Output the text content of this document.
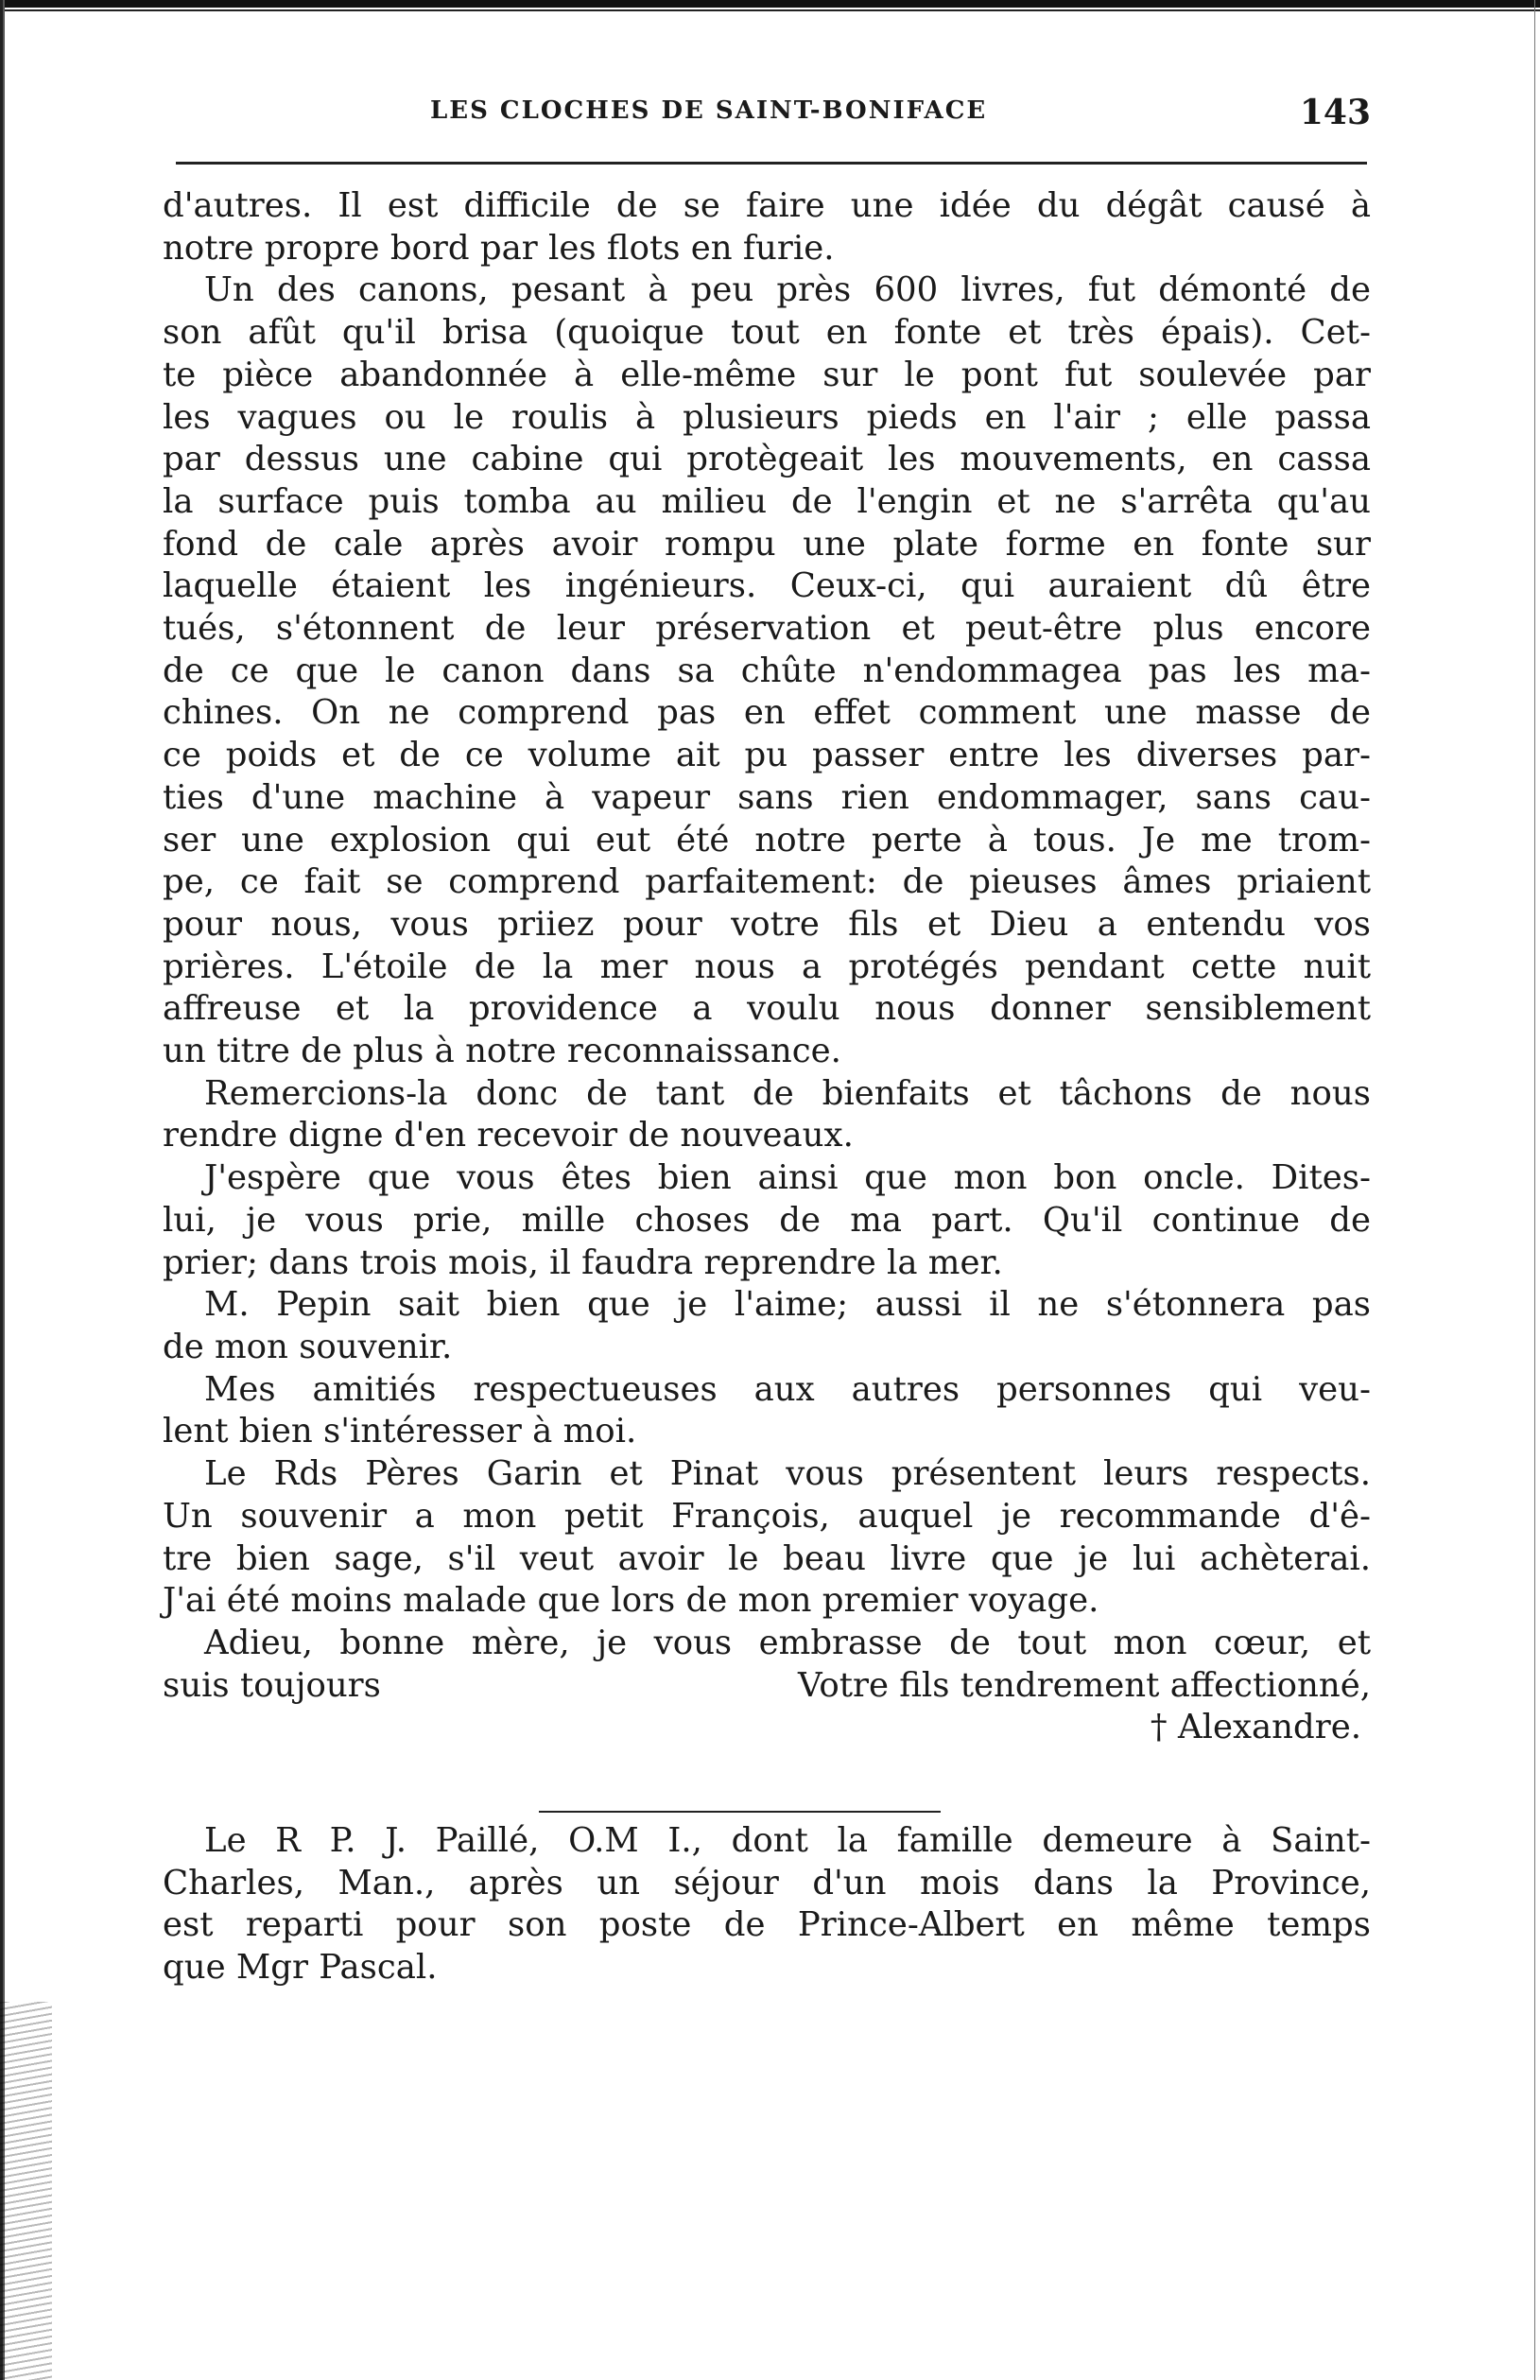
LES CLOCHES DE SAINT-BONIFACE	143
d'autres. Il est difficile de se faire une idée du dégât causé à
notre propre bord par les flots en furie.
Un des canons, pesant à peu près 600 livres, fut démonté de
son afût qu'il brisa (quoique tout en fonte et très épais). Cet-
te pièce abandonnée à elle-même sur le pont fut soulevée par
les vagues ou le roulis à plusieurs pieds en l'air ; elle passa
par dessus une cabine qui protègeait les mouvements, en cassa
la surface puis tomba au milieu de l'engin et ne s'arrêta qu'au
fond de cale après avoir rompu une plate forme en fonte sur
laquelle étaient les ingénieurs. Ceux-ci, qui auraient dû être
tués, s'étonnent de leur préservation et peut-être plus encore
de ce que le canon dans sa chûte n'endommagea pas les ma-
chines. On ne comprend pas en effet comment une masse de
ce poids et de ce volume ait pu passer entre les diverses par-
ties d'une machine à vapeur sans rien endommager, sans cau-
ser une explosion qui eut été notre perte à tous. Je me trom-
pe, ce fait se comprend parfaitement: de pieuses âmes priaient
pour nous, vous priiez pour votre fils et Dieu a entendu vos
prières. L'étoile de la mer nous a protégés pendant cette nuit
affreuse et la providence a voulu nous donner sensiblement
un titre de plus à notre reconnaissance.
Remercions-la donc de tant de bienfaits et tâchons de nous
rendre digne d'en recevoir de nouveaux.
J'espère que vous êtes bien ainsi que mon bon oncle. Dites-
lui, je vous prie, mille choses de ma part. Qu'il continue de
prier; dans trois mois, il faudra reprendre la mer.
M. Pepin sait bien que je l'aime; aussi il ne s'étonnera pas
de mon souvenir.
Mes amitiés respectueuses aux autres personnes qui veu-
lent bien s'intéresser à moi.
Le Rds Pères Garin et Pinat vous présentent leurs respects.
Un souvenir a mon petit François, auquel je recommande d'ê-
tre bien sage, s'il veut avoir le beau livre que je lui achèterai.
J'ai été moins malade que lors de mon premier voyage.
Adieu, bonne mère, je vous embrasse de tout mon cœur, et
suis toujours	Votre fils tendrement affectionné,
† Alexandre.
Le R P. J. Paillé, O.M I., dont la famille demeure à Saint-
Charles, Man., après un séjour d'un mois dans la Province,
est reparti pour son poste de Prince-Albert en même temps
que Mgr Pascal.
